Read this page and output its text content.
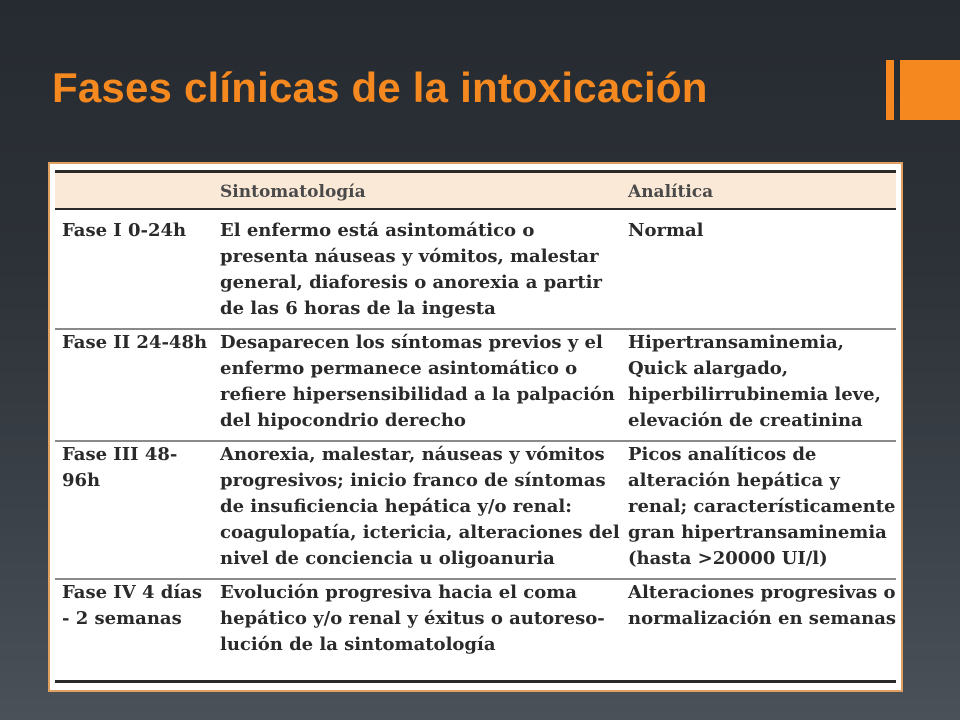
Fases clínicas de la intoxicación
Sintomatología	Analítica
Fase I 0-24h	El enfermo está asintomático o presenta náuseas y vómitos, malestar general, diaforesis o anorexia a partir de las 6 horas de la ingesta
Normal
Fase II 24-48h Desaparecen los síntomas previos y el enfermo permanece asintomático o refiere hipersensibilidad a la palpación del hipocondrio derecho
Hipertransaminemia, Quick alargado, hiperbilirrubinemia leve, elevación de creatinina
Fase III 48-96h
Anorexia, malestar, náuseas y vómitos progresivos; inicio franco de síntomas de insuficiencia hepática y/o renal: coagulopatía, ictericia, alteraciones del nivel de conciencia u oligoanuria
Picos analíticos de alteración hepática y renal; característicamente gran hipertransaminemia (hasta >20000 UI/l)
Fase IV 4 días - 2 semanas
Evolución progresiva hacia el coma hepático y/o renal y éxitus o autoresolución de la sintomatología
Alteraciones progresivas o normalización en semanas
